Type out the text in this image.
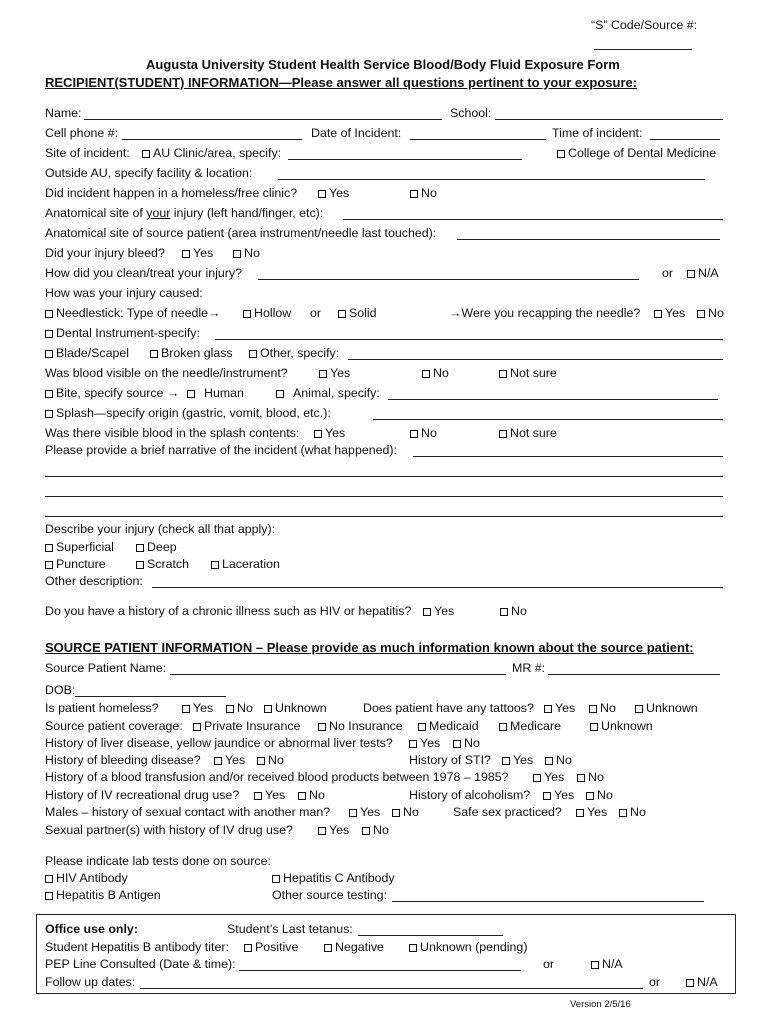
“S” Code/Source #:
Augusta University Student Health Service Blood/Body Fluid Exposure Form
RECIPIENT(STUDENT) INFORMATION—Please answer all questions pertinent to your exposure:
Name:	School:
Cell phone #:	Date of Incident:	Time of incident:
Site of incident:	AU Clinic/area, specify:	College of Dental Medicine
Outside AU, specify facility & location:
Did incident happen in a homeless/free clinic?	Yes	No
Anatomical site of your injury (left hand/finger, etc):
Anatomical site of source patient (area instrument/needle last touched):
Did your injury bleed?	Yes	No
How did you clean/treat your injury?	or	N/A
How was your injury caused:
Needlestick: Type of needle→	Hollow or	Solid	→Were you recapping the needle?	Yes	No
Dental Instrument-specify:
Blade/Scapel	Broken glass	Other, specify:
Was blood visible on the needle/instrument?	Yes	No	Not sure
Bite, specify source →	Human	Animal, specify:
Splash—specify origin (gastric, vomit, blood, etc.):
Was there visible blood in the splash contents:	Yes	No	Not sure
Please provide a brief narrative of the incident (what happened):
Describe your injury (check all that apply):
Superficial	Deep
Puncture	Scratch	Laceration
Other description:
Do you have a history of a chronic illness such as HIV or hepatitis?	Yes	No
SOURCE PATIENT INFORMATION – Please provide as much information known about the source patient:
Source Patient Name:	MR #:
DOB:
Is patient homeless?	Yes	No	Unknown	Does patient have any tattoos?	Yes	No	Unknown
Source patient coverage:	Private Insurance	No Insurance	Medicaid	Medicare	Unknown
History of liver disease, yellow jaundice or abnormal liver tests?	Yes	No
History of bleeding disease?	Yes	No	History of STI?	Yes	No
History of a blood transfusion and/or received blood products between 1978 – 1985?	Yes	No
History of IV recreational drug use?	Yes	No	History of alcoholism?	Yes	No
Males – history of sexual contact with another man?	Yes	No	Safe sex practiced?	Yes	No
Sexual partner(s) with history of IV drug use?	Yes	No
Please indicate lab tests done on source:
HIV Antibody	Hepatitis C Antibody
Hepatitis B Antigen	Other source testing:
Office use only:	Student’s Last tetanus:
Student Hepatitis B antibody titer:	Positive	Negative	Unknown (pending)
PEP Line Consulted (Date & time):	or	N/A
Follow up dates:	or	N/A
Version 2/5/16
